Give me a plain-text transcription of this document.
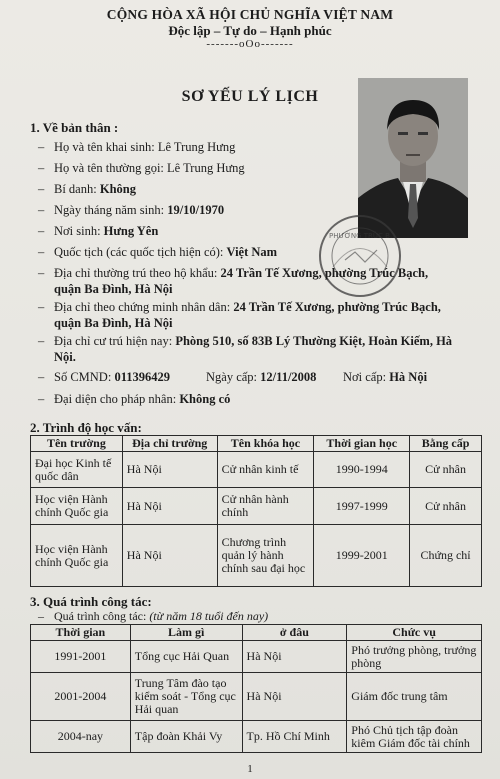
CỘNG HÒA XÃ HỘI CHỦ NGHĨA VIỆT NAM
Độc lập – Tự do – Hạnh phúc
-------oOo-------
SƠ YẾU LÝ LỊCH
PHƯỜNG TRÚC B...
1. Về bản thân :
– Họ và tên khai sinh: Lê Trung Hưng
– Họ và tên thường gọi: Lê Trung Hưng
– Bí danh: Không
– Ngày tháng năm sinh: 19/10/1970
– Nơi sinh: Hưng Yên
– Quốc tịch (các quốc tịch hiện có): Việt Nam
– Địa chỉ thường trú theo hộ khẩu: 24 Trần Tế Xương, phường Trúc Bạch,
quận Ba Đình, Hà Nội
– Địa chỉ theo chứng minh nhân dân: 24 Trần Tế Xương, phường Trúc Bạch,
quận Ba Đình, Hà Nội
– Địa chỉ cư trú hiện nay: Phòng 510, số 83B Lý Thường Kiệt, Hoàn Kiếm, Hà
Nội.
– Số CMND: 011396429	Ngày cấp: 12/11/2008 Nơi cấp: Hà Nội
– Đại diện cho pháp nhân: Không có
2. Trình độ học vấn:
Tên trường	Địa chỉ trường	Tên khóa học	Thời gian học	Bằng cấp
Đại học Kinh tế quốc dân	Hà Nội	Cử nhân kinh tế	1990-1994	Cử nhân
Học viện Hành chính Quốc gia	Hà Nội	Cử nhân hành chính	1997-1999	Cử nhân
Học viện Hành chính Quốc gia	Hà Nội	Chương trình quản lý hành chính sau đại học	1999-2001	Chứng chỉ
3. Quá trình công tác:
– Quá trình công tác: (từ năm 18 tuổi đến nay)
Thời gian	Làm gì	ở đâu	Chức vụ
1991-2001	Tổng cục Hải Quan	Hà Nội	Phó trưởng phòng, trưởng phòng
2001-2004	Trung Tâm đào tạo kiểm soát - Tổng cục Hải quan	Hà Nội	Giám đốc trung tâm
2004-nay	Tập đoàn Khải Vy	Tp. Hồ Chí Minh	Phó Chủ tịch tập đoàn kiêm Giám đốc tài chính
1
